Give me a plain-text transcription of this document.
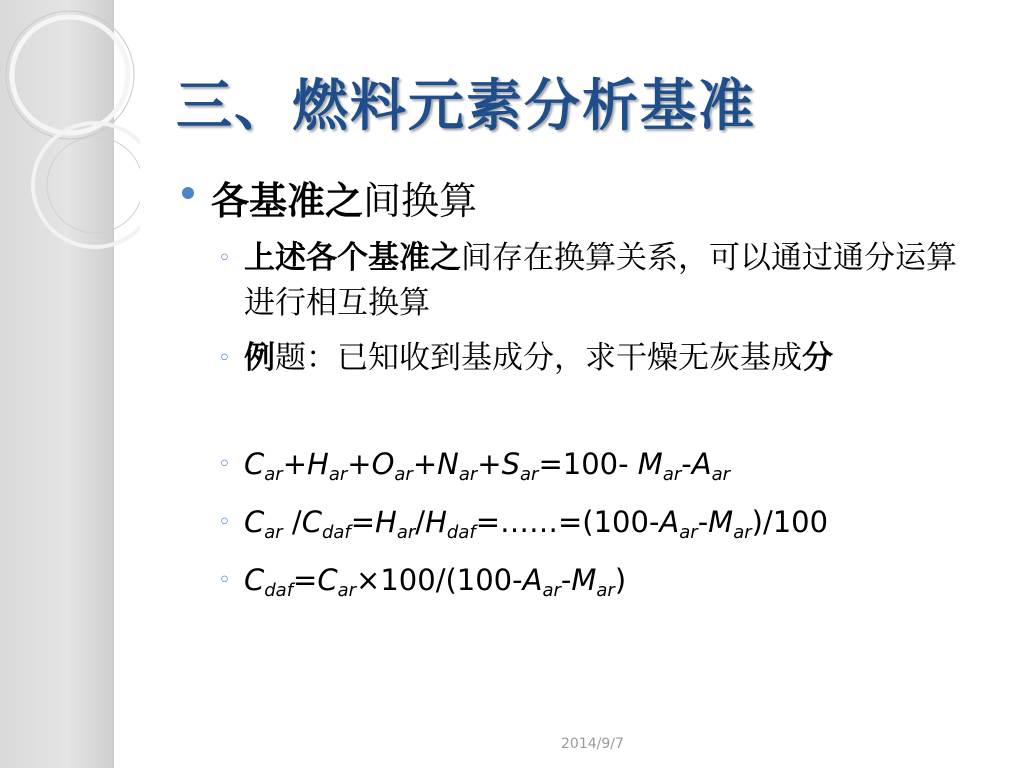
三、燃料元素分析基准
各基准之间换算
◦ 上述各个基准之间存在换算关系，可以通过通分运算进行相互换算
◦ 例题：已知收到基成分，求干燥无灰基成分
◦ $C_{ar}+H_{ar}+O_{ar}+N_{ar}+S_{ar}=100-$ $M_{ar}-A_{ar}$
◦ $C_{ar}$ $/C_{daf}=H_{ar}/H_{daf}=\dots\dots=(100-A_{ar}-M_{ar})/100$
◦ $C_{daf}=C_{ar}\times 100/(100-A_{ar}-M_{ar})$
2014/9/7
